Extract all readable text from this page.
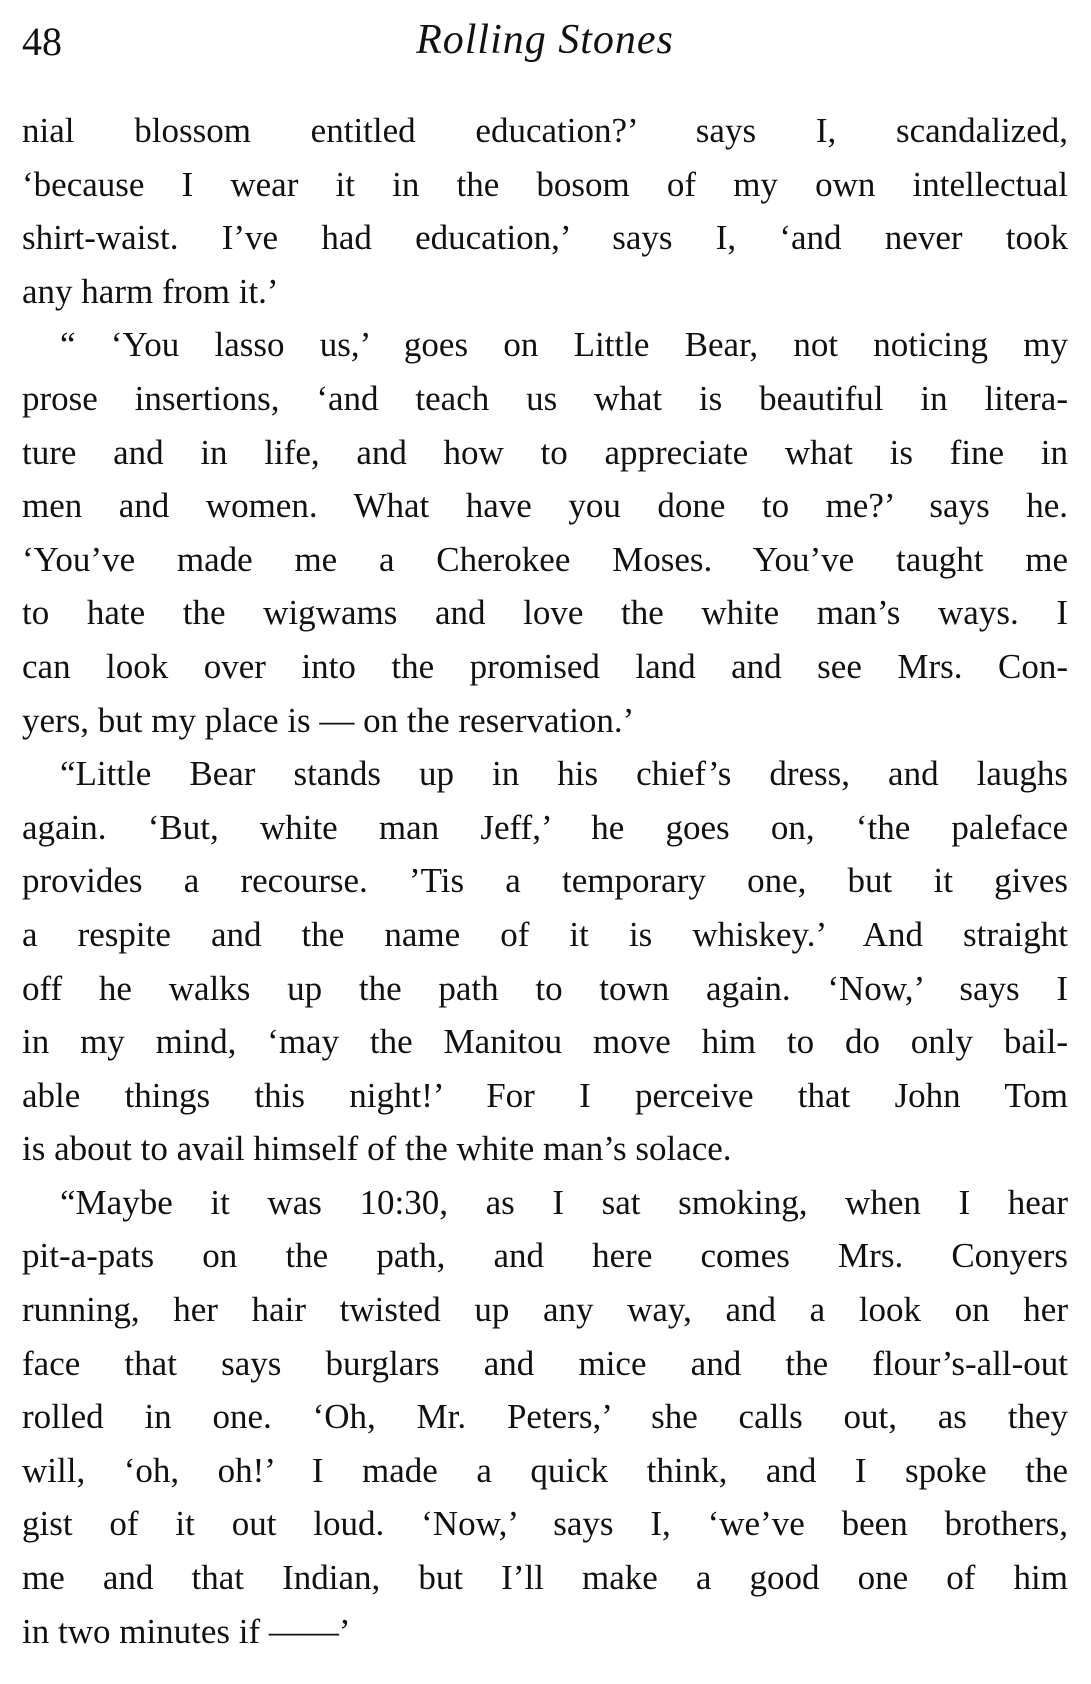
48	Rolling Stones
nial blossom entitled education?’ says I, scandalized,
‘because I wear it in the bosom of my own intellectual
shirt-waist. I’ve had education,’ says I, ‘and never took
any harm from it.’
“ ‘You lasso us,’ goes on Little Bear, not noticing my
prose insertions, ‘and teach us what is beautiful in litera-
ture and in life, and how to appreciate what is fine in
men and women. What have you done to me?’ says he.
‘You’ve made me a Cherokee Moses. You’ve taught me
to hate the wigwams and love the white man’s ways. I
can look over into the promised land and see Mrs. Con-
yers, but my place is — on the reservation.’
“Little Bear stands up in his chief’s dress, and laughs
again. ‘But, white man Jeff,’ he goes on, ‘the paleface
provides a recourse. ’Tis a temporary one, but it gives
a respite and the name of it is whiskey.’ And straight
off he walks up the path to town again. ‘Now,’ says I
in my mind, ‘may the Manitou move him to do only bail-
able things this night!’ For I perceive that John Tom
is about to avail himself of the white man’s solace.
“Maybe it was 10:30, as I sat smoking, when I hear
pit-a-pats on the path, and here comes Mrs. Conyers
running, her hair twisted up any way, and a look on her
face that says burglars and mice and the flour’s-all-out
rolled in one. ‘Oh, Mr. Peters,’ she calls out, as they
will, ‘oh, oh!’ I made a quick think, and I spoke the
gist of it out loud. ‘Now,’ says I, ‘we’ve been brothers,
me and that Indian, but I’ll make a good one of him
in two minutes if ——’
